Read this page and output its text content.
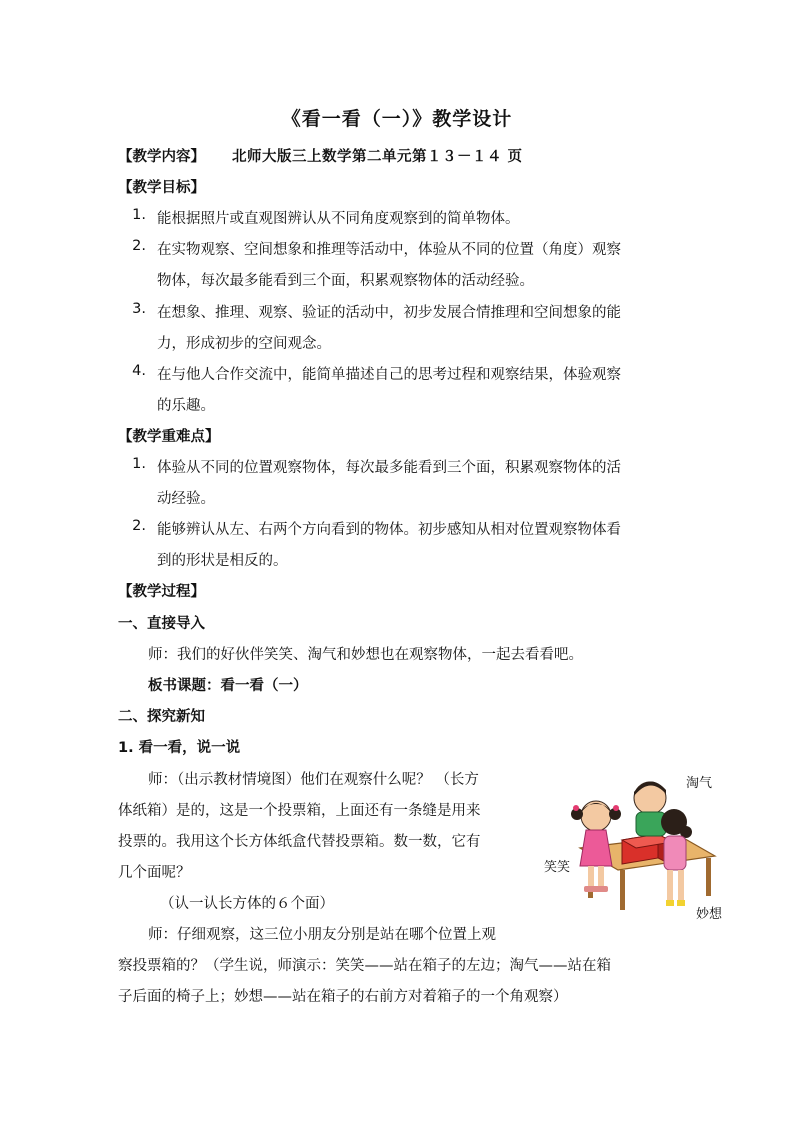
《看一看（一）》教学设计
【教学内容】 北师大版三上数学第二单元第１３－１４ 页
【教学目标】
1. 能根据照片或直观图辨认从不同角度观察到的简单物体。
2. 在实物观察、空间想象和推理等活动中，体验从不同的位置（角度）观察
物体，每次最多能看到三个面，积累观察物体的活动经验。
3. 在想象、推理、观察、验证的活动中，初步发展合情推理和空间想象的能
力，形成初步的空间观念。
4. 在与他人合作交流中，能简单描述自己的思考过程和观察结果，体验观察
的乐趣。
【教学重难点】
1. 体验从不同的位置观察物体，每次最多能看到三个面，积累观察物体的活
动经验。
2. 能够辨认从左、右两个方向看到的物体。初步感知从相对位置观察物体看
到的形状是相反的。
【教学过程】
一、直接导入
师：我们的好伙伴笑笑、淘气和妙想也在观察物体，一起去看看吧。
板书课题：看一看（一）
二、探究新知
1. 看一看，说一说
师：（出示教材情境图）他们在观察什么呢？ （长方
体纸箱）是的，这是一个投票箱，上面还有一条缝是用来
投票的。我用这个长方体纸盒代替投票箱。数一数，它有
几个面呢？
（认一认长方体的６个面）
师：仔细观察，这三位小朋友分别是站在哪个位置上观
察投票箱的？（学生说，师演示：笑笑——站在箱子的左边；淘气——站在箱
子后面的椅子上；妙想——站在箱子的右前方对着箱子的一个角观察）
淘气
笑笑
妙想
